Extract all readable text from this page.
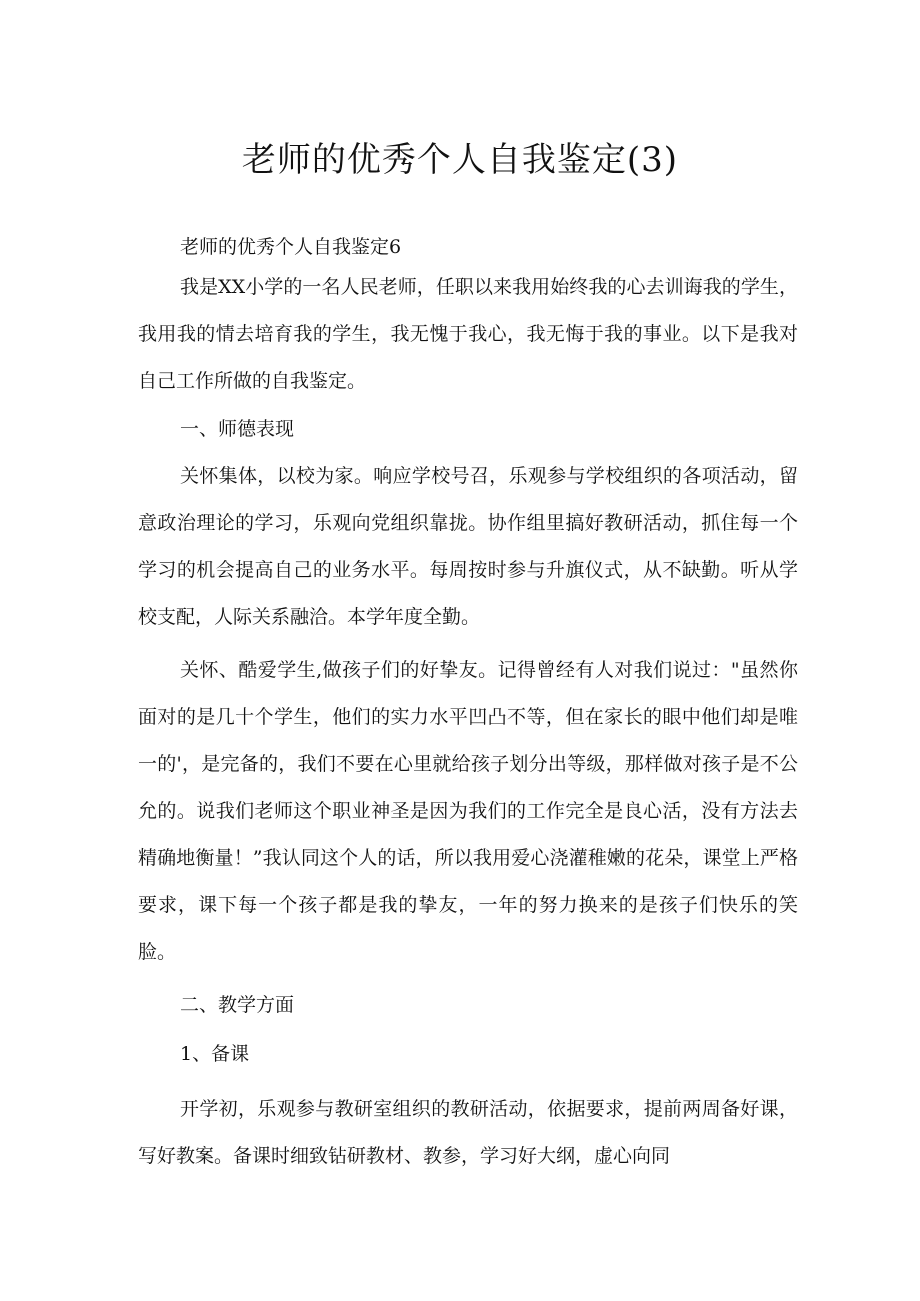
老师的优秀个人自我鉴定(3)

老师的优秀个人自我鉴定6

我是XX小学的一名人民老师，任职以来我用始终我的心去训诲我的学生，我用我的情去培育我的学生，我无愧于我心，我无悔于我的事业。以下是我对自己工作所做的自我鉴定。

一、师德表现

关怀集体，以校为家。响应学校号召，乐观参与学校组织的各项活动，留意政治理论的学习，乐观向党组织靠拢。协作组里搞好教研活动，抓住每一个学习的机会提高自己的业务水平。每周按时参与升旗仪式，从不缺勤。听从学校支配，人际关系融洽。本学年度全勤。

关怀、酷爱学生,做孩子们的好挚友。记得曾经有人对我们说过："虽然你面对的是几十个学生，他们的实力水平凹凸不等，但在家长的眼中他们却是唯一的'，是完备的，我们不要在心里就给孩子划分出等级，那样做对孩子是不公允的。说我们老师这个职业神圣是因为我们的工作完全是良心活，没有方法去精确地衡量！”我认同这个人的话，所以我用爱心浇灌稚嫩的花朵，课堂上严格要求，课下每一个孩子都是我的挚友，一年的努力换来的是孩子们快乐的笑脸。

二、教学方面

1、备课

开学初，乐观参与教研室组织的教研活动，依据要求，提前两周备好课，写好教案。备课时细致钻研教材、教参，学习好大纲，虚心向同
